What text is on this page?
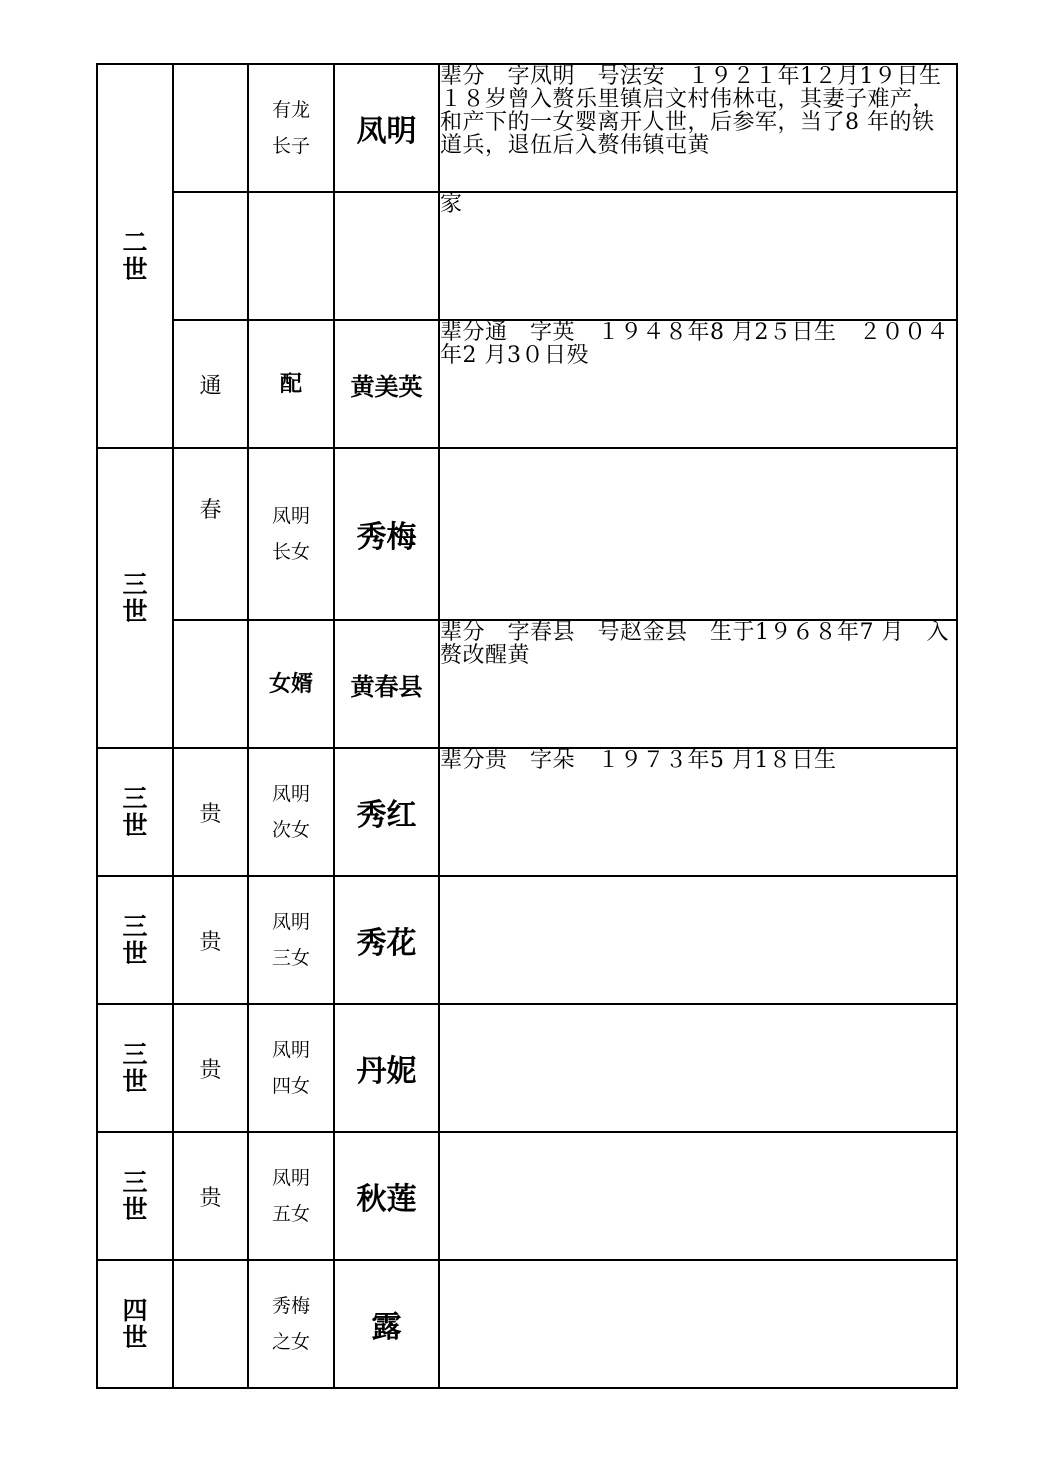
二世		有龙长子	凤明	辈分　字凤明　号法安　１９２１年1２月1９日生　１８岁曾入赘乐里镇启文村伟林屯，其妻子难产，和产下的一女婴离开人世，后参军，当了8 年的铁道兵，退伍后入赘伟镇屯黄
				家
	通	配	黄美英	辈分通　字英　１９４８年8 月2５日生　２００４年2 月3０日殁
三世	春	凤明长女	秀梅	
		女婿	黄春县	辈分　字春县　号赵金县　生于1９６８年7 月　入赘改醒黄
三世	贵	凤明次女	秀红	辈分贵　字朵　１９７３年5 月1８日生
三世	贵	凤明三女	秀花	
三世	贵	凤明四女	丹妮	
三世	贵	凤明五女	秋莲	
四世		秀梅之女	露	
